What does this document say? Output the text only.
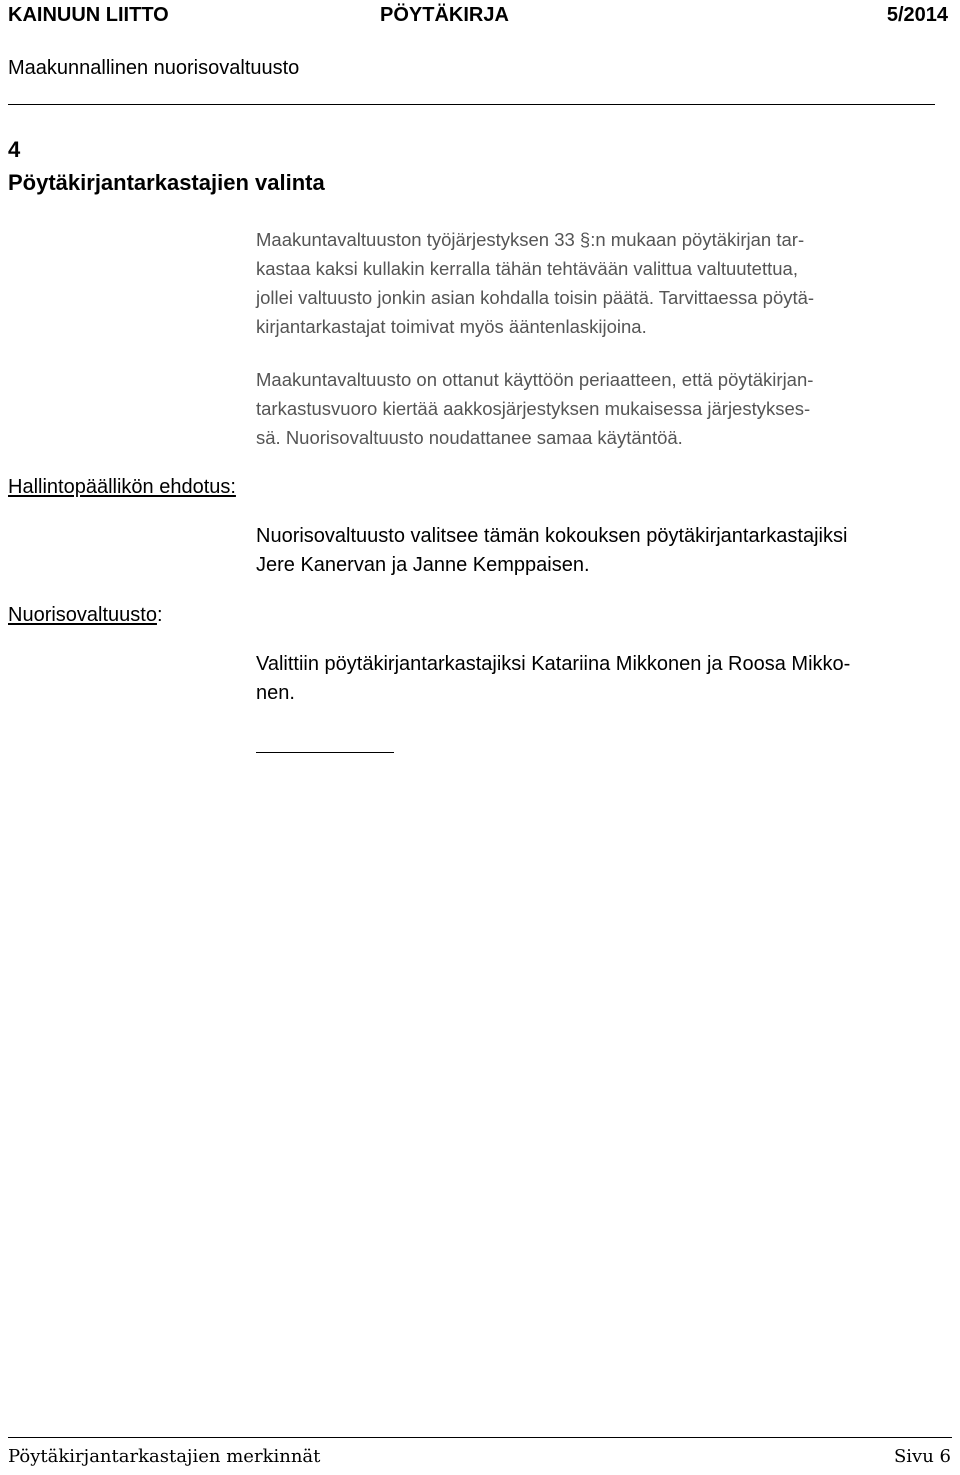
KAINUUN LIITTO	PÖYTÄKIRJA	5/2014
Maakunnallinen nuorisovaltuusto
4
Pöytäkirjantarkastajien valinta
Hallintopäällikön ehdotus:
Nuorisovaltuusto:
Maakuntavaltuuston työjärjestyksen 33 §:n mukaan pöytäkirjan tar-
kastaa kaksi kullakin kerralla tähän tehtävään valittua valtuutettua,
jollei valtuusto jonkin asian kohdalla toisin päätä. Tarvittaessa pöytä-
kirjantarkastajat toimivat myös ääntenlaskijoina.
Maakuntavaltuusto on ottanut käyttöön periaatteen, että pöytäkirjan-
tarkastusvuoro kiertää aakkosjärjestyksen mukaisessa järjestykses-
sä. Nuorisovaltuusto noudattanee samaa käytäntöä.
Nuorisovaltuusto valitsee tämän kokouksen pöytäkirjantarkastajiksi
Jere Kanervan ja Janne Kemppaisen.
Valittiin pöytäkirjantarkastajiksi Katariina Mikkonen ja Roosa Mikko-
nen.
Pöytäkirjantarkastajien merkinnät	Sivu 6
